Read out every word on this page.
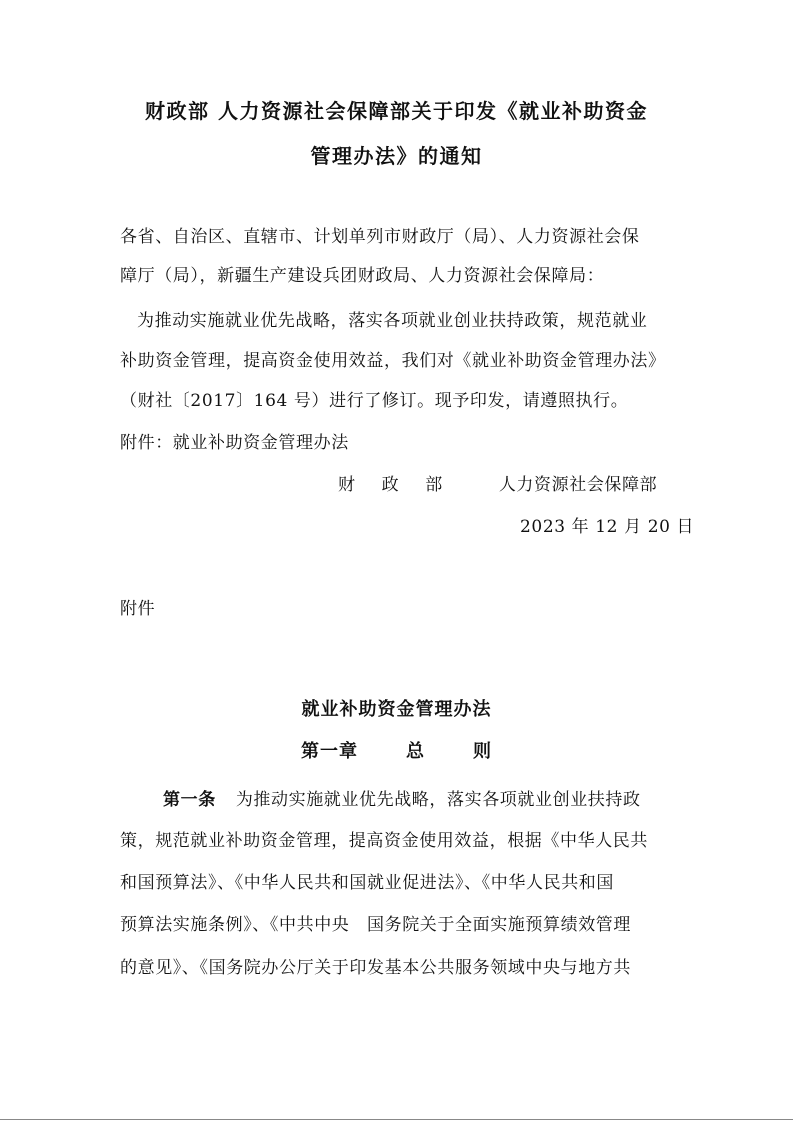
财政部 人力资源社会保障部关于印发《就业补助资金
管理办法》的通知
各省、自治区、直辖市、计划单列市财政厅（局）、人力资源社会保
障厅（局），新疆生产建设兵团财政局、人力资源社会保障局：
为推动实施就业优先战略，落实各项就业创业扶持政策，规范就业
补助资金管理，提高资金使用效益，我们对《就业补助资金管理办法》
（财社〔2017〕164 号）进行了修订。现予印发，请遵照执行。
附件：就业补助资金管理办法
财 政 部	人力资源社会保障部
2023 年 12 月 20 日
附件
就业补助资金管理办法
第一章	总	则
第一条 为推动实施就业优先战略，落实各项就业创业扶持政
策，规范就业补助资金管理，提高资金使用效益，根据《中华人民共
和国预算法》、《中华人民共和国就业促进法》、《中华人民共和国
预算法实施条例》、《中共中央　国务院关于全面实施预算绩效管理
的意见》、《国务院办公厅关于印发基本公共服务领域中央与地方共
